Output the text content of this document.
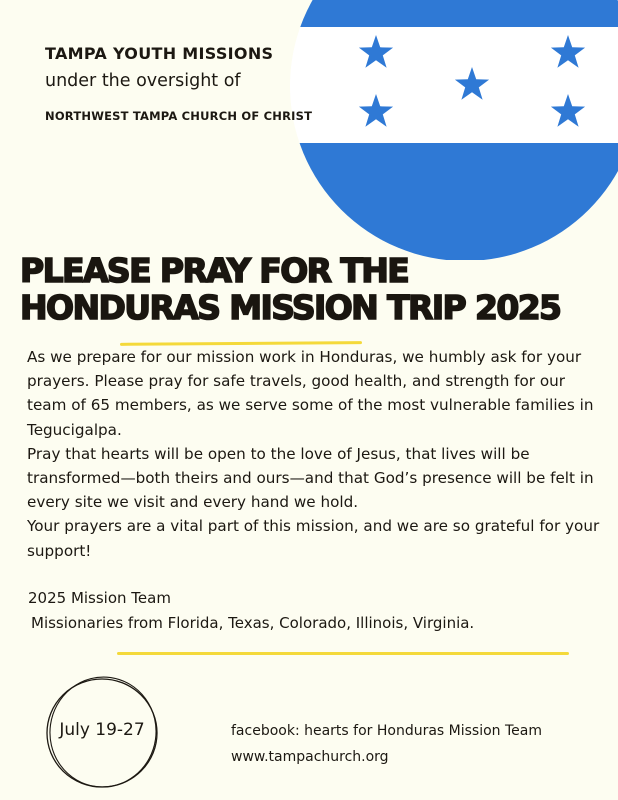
TAMPA YOUTH MISSIONS
under the oversight of
NORTHWEST TAMPA CHURCH OF CHRIST
PLEASE PRAY FOR THE
HONDURAS MISSION TRIP 2025

As we prepare for our mission work in Honduras, we humbly ask for your prayers. Please pray for safe travels, good health, and strength for our team of 65 members, as we serve some of the most vulnerable families in Tegucigalpa.

Pray that hearts will be open to the love of Jesus, that lives will be transformed—both theirs and ours—and that God’s presence will be felt in every site we visit and every hand we hold.

Your prayers are a vital part of this mission, and we are so grateful for your support!

2025 Mission Team
Missionaries from Florida, Texas, Colorado, Illinois, Virginia.
July 19-27	facebook: hearts for Honduras Mission Team
www.tampachurch.org
